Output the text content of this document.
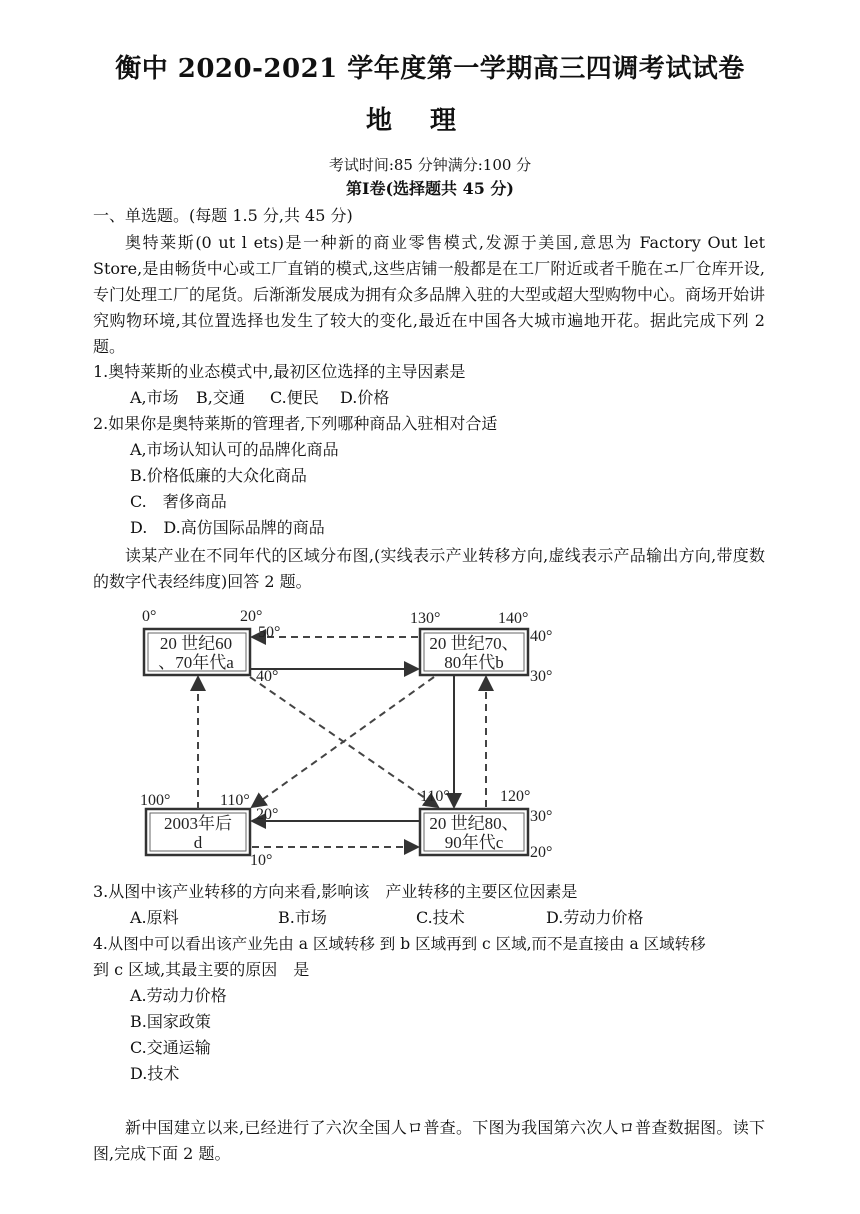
衡中 2020-2021 学年度第一学期高三四调考试试卷
地理
考试时间:85 分钟满分:100 分
第Ⅰ卷(选择题共 45 分)
一、单选题。(每题 1.5 分,共 45 分)
奥特莱斯(0 ut l ets)是一种新的商业零售模式,发源于美国,意思为 Factory Out let Store,是由畅货中心或工厂直销的模式,这些店铺一般都是在工厂附近或者千脆在エ厂仓库开设,专门处理工厂的尾货。后渐渐发展成为拥有众多品牌入驻的大型或超大型购物中心。商场开始讲究购物环境,其位置选择也发生了较大的变化,最近在中国各大城市遍地开花。据此完成下列 2 题。
1.奥特莱斯的业态模式中,最初区位选择的主导因素是
A,市场 B,交通 C.便民 D.价格
2.如果你是奥特莱斯的管理者,下列哪种商品入驻相对合适
A,市场认知认可的品牌化商品
B.价格低廉的大众化商品
C.　奢侈商品
D.　D.高仿国际品牌的商品
读某产业在不同年代的区域分布图,(实线表示产业转移方向,虚线表示产品输出方向,带度数的数字代表经纬度)回答 2 题。
20 世纪60
、70年代a
20 世纪70、
80年代b
2003年后
d
20 世纪80、
90年代c
0°	20°
50°
40°
130°	140°
40°
30°
100°	110°
20°
10°
110°	120°
30°
20°
3.从图中该产业转移的方向来看,影响该　产业转移的主要区位因素是
A.原料	B.市场	C.技术	D.劳动力价格
4.从图中可以看出该产业先由 a 区域转移 到 b 区域再到 c 区域,而不是直接由 a 区域转移
到 c 区域,其最主要的原因　是
A.劳动力价格
B.国家政策
C.交通运输
D.技术
新中国建立以来,已经进行了六次全国人ロ普查。下图为我国第六次人ロ普查数据图。读下图,完成下面 2 题。
